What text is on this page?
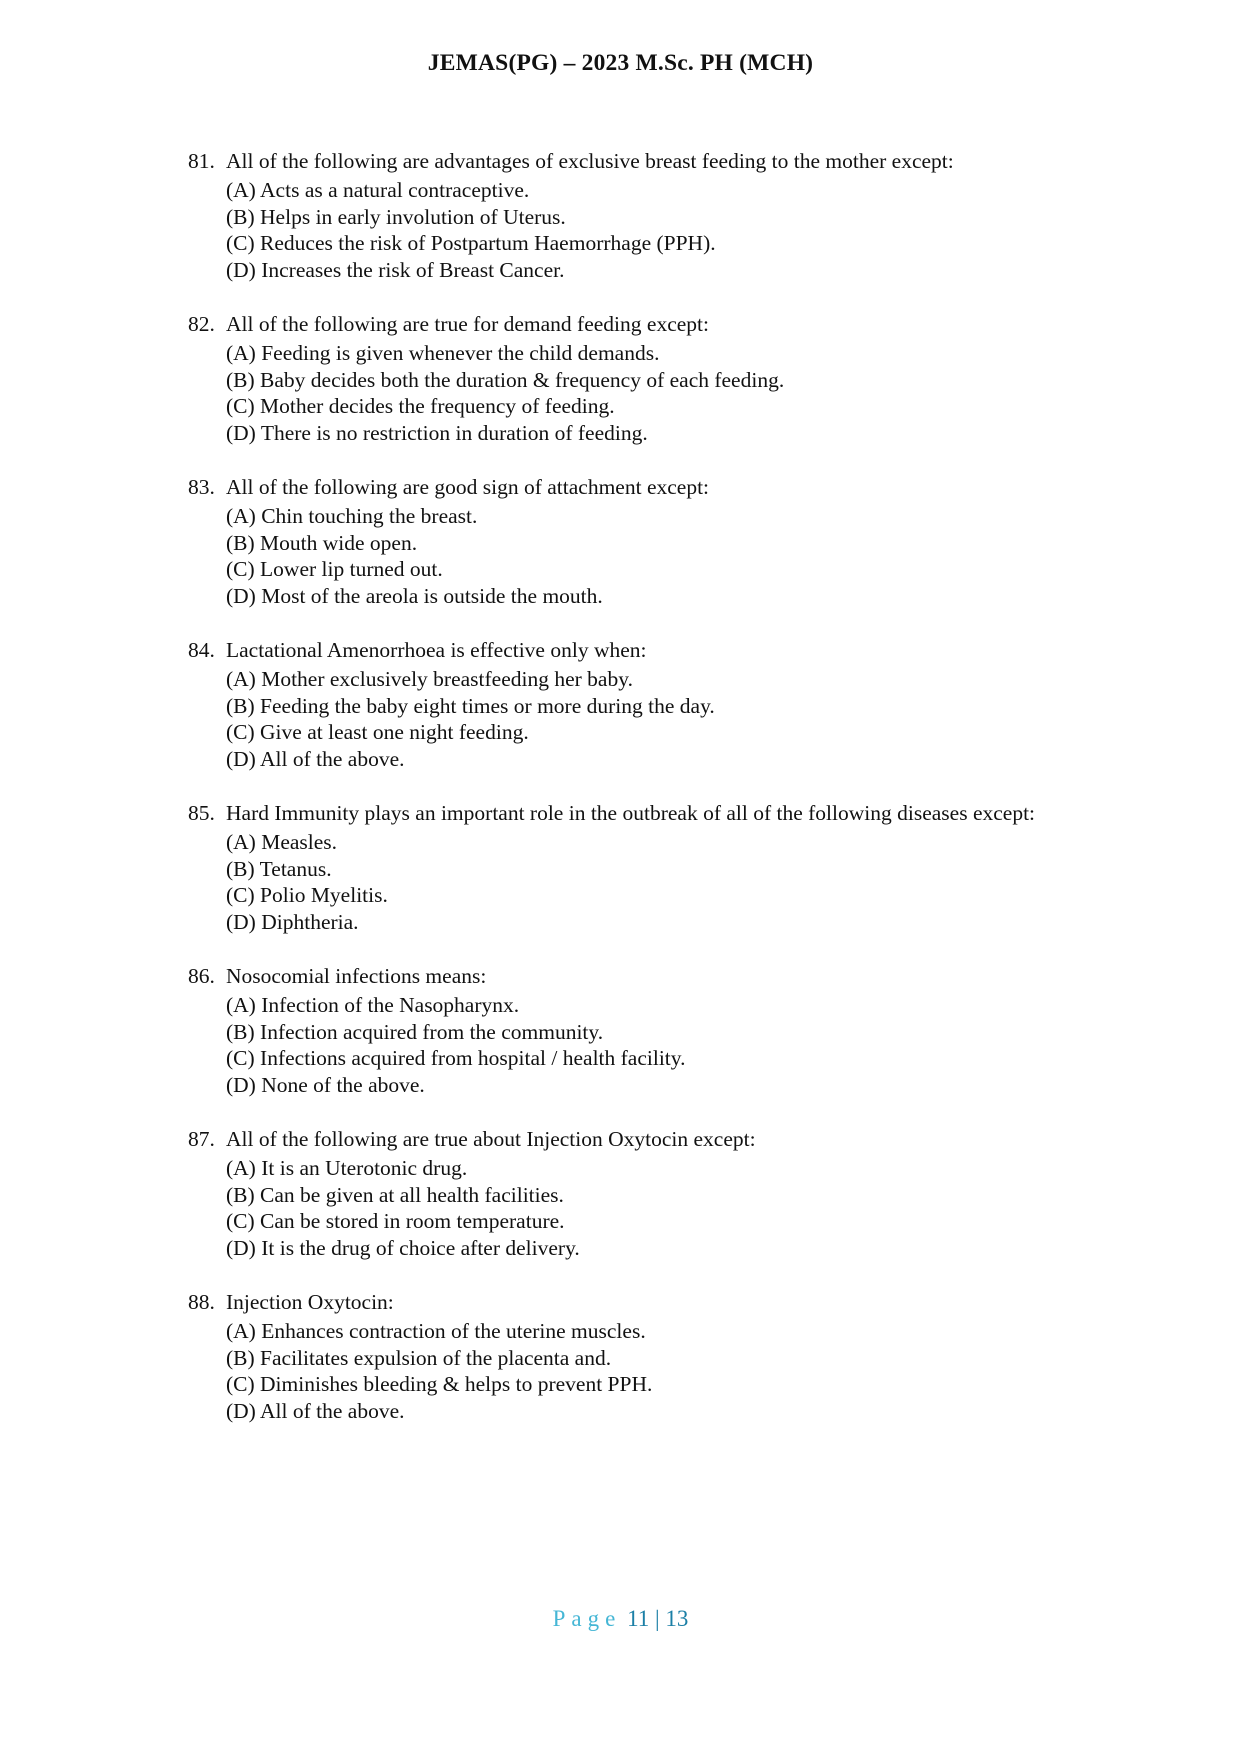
JEMAS(PG) – 2023 M.Sc. PH (MCH)
81. All of the following are advantages of exclusive breast feeding to the mother except:
(A) Acts as a natural contraceptive.
(B) Helps in early involution of Uterus.
(C) Reduces the risk of Postpartum Haemorrhage (PPH).
(D) Increases the risk of Breast Cancer.
82. All of the following are true for demand feeding except:
(A) Feeding is given whenever the child demands.
(B) Baby decides both the duration & frequency of each feeding.
(C) Mother decides the frequency of feeding.
(D) There is no restriction in duration of feeding.
83. All of the following are good sign of attachment except:
(A) Chin touching the breast.
(B) Mouth wide open.
(C) Lower lip turned out.
(D) Most of the areola is outside the mouth.
84. Lactational Amenorrhoea is effective only when:
(A) Mother exclusively breastfeeding her baby.
(B) Feeding the baby eight times or more during the day.
(C) Give at least one night feeding.
(D) All of the above.
85. Hard Immunity plays an important role in the outbreak of all of the following diseases except:
(A) Measles.
(B) Tetanus.
(C) Polio Myelitis.
(D) Diphtheria.
86. Nosocomial infections means:
(A) Infection of the Nasopharynx.
(B) Infection acquired from the community.
(C) Infections acquired from hospital / health facility.
(D) None of the above.
87. All of the following are true about Injection Oxytocin except:
(A) It is an Uterotonic drug.
(B) Can be given at all health facilities.
(C) Can be stored in room temperature.
(D) It is the drug of choice after delivery.
88. Injection Oxytocin:
(A) Enhances contraction of the uterine muscles.
(B) Facilitates expulsion of the placenta and.
(C) Diminishes bleeding & helps to prevent PPH.
(D) All of the above.
Page 11 | 13
